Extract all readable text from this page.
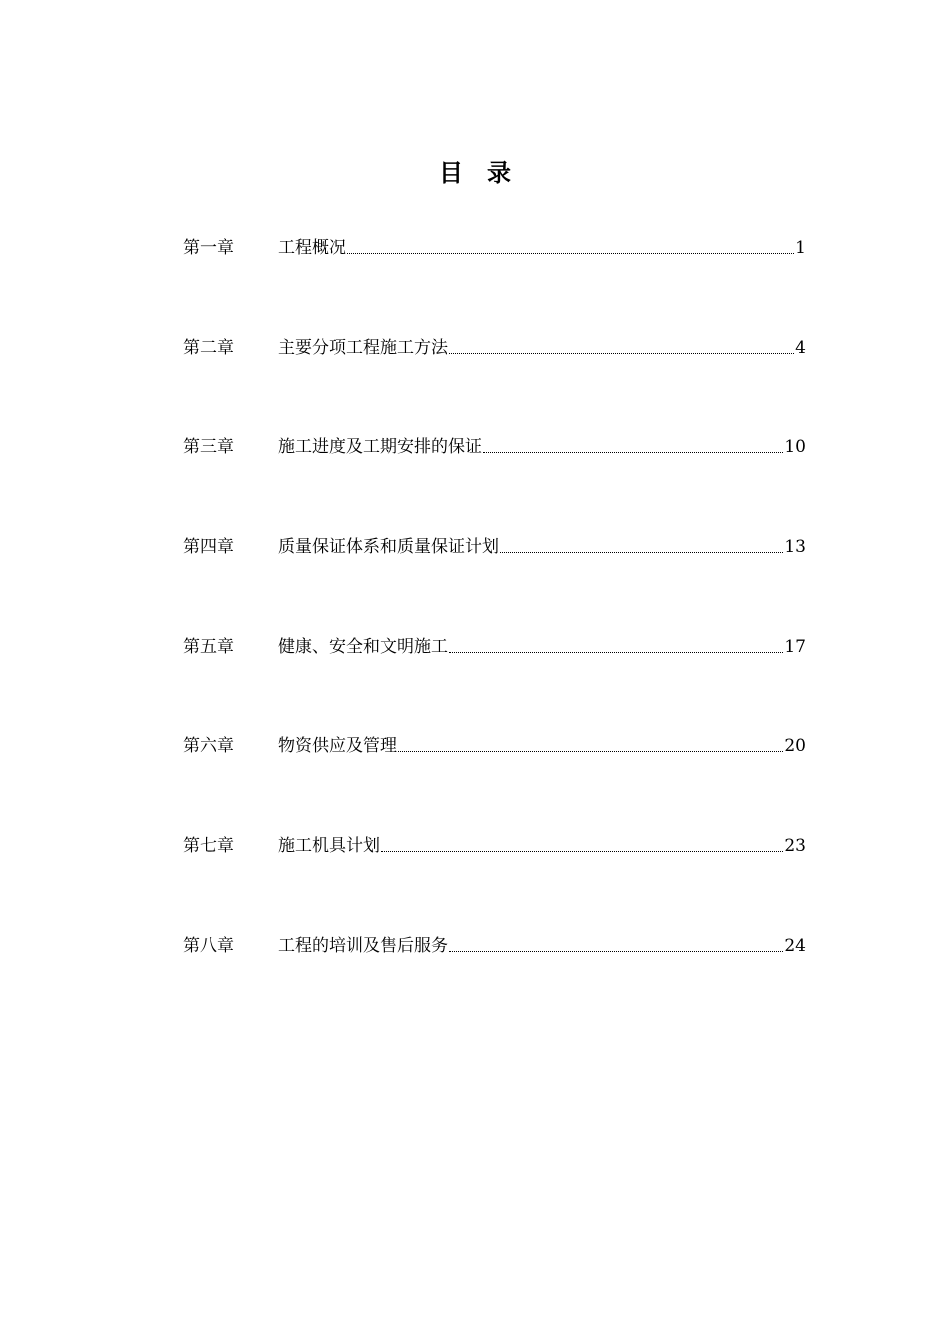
目　录
第一章	工程概况	1
第二章	主要分项工程施工方法	4
第三章	施工进度及工期安排的保证	10
第四章	质量保证体系和质量保证计划	13
第五章	健康、安全和文明施工	17
第六章	物资供应及管理	20
第七章	施工机具计划	23
第八章	工程的培训及售后服务	24
